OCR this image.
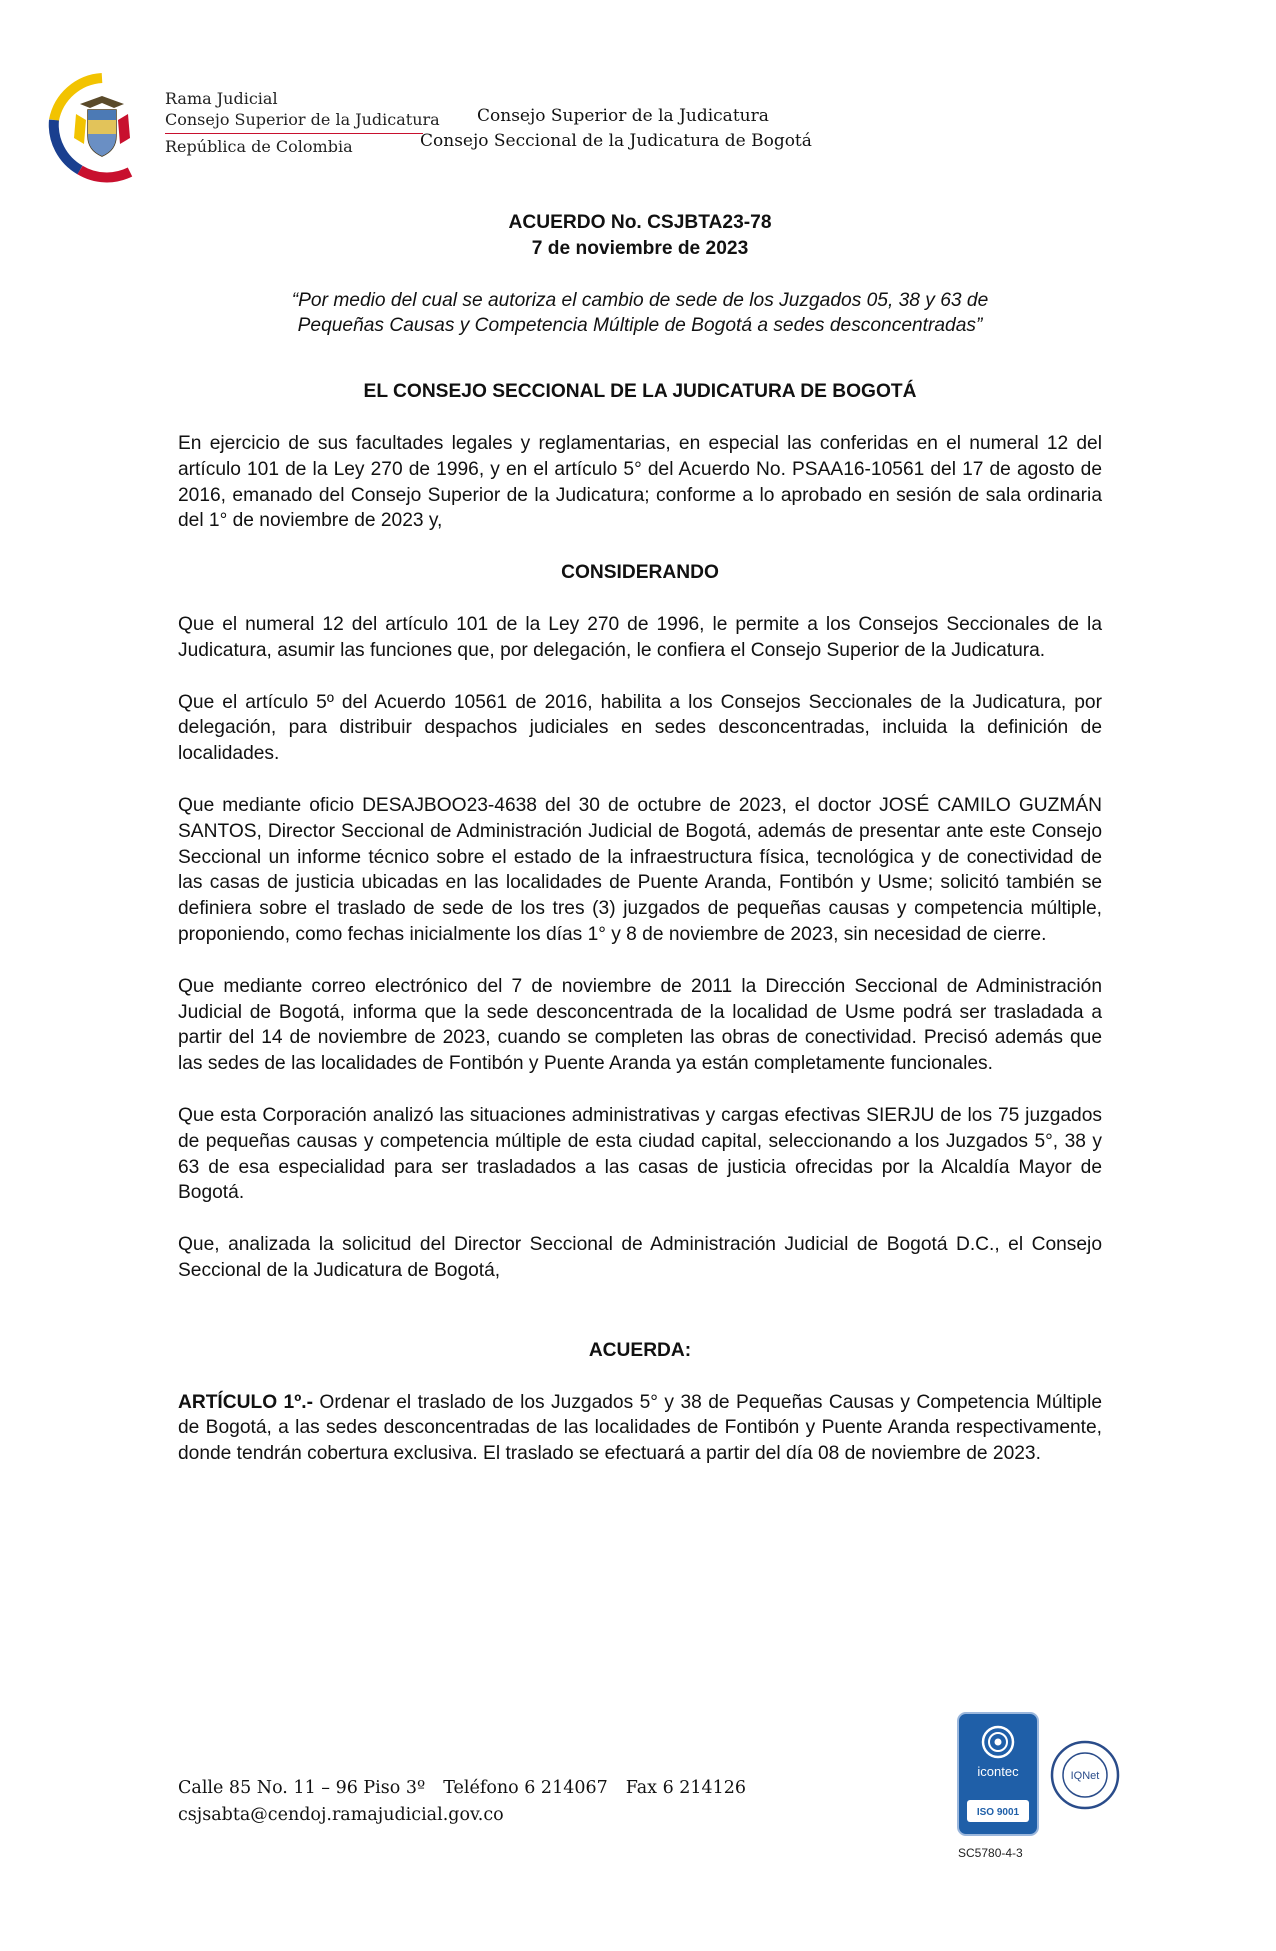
Rama Judicial
Consejo Superior de la Judicatura
República de Colombia
Consejo Superior de la Judicatura
Consejo Seccional de la Judicatura de Bogotá
ACUERDO No. CSJBTA23-78
7 de noviembre de 2023
“Por medio del cual se autoriza el cambio de sede de los Juzgados 05, 38 y 63 de
Pequeñas Causas y Competencia Múltiple de Bogotá a sedes desconcentradas”
EL CONSEJO SECCIONAL DE LA JUDICATURA DE BOGOTÁ

En ejercicio de sus facultades legales y reglamentarias, en especial las conferidas en el numeral 12 del artículo 101 de la Ley 270 de 1996, y en el artículo 5° del Acuerdo No. PSAA16-10561 del 17 de agosto de 2016, emanado del Consejo Superior de la Judicatura; conforme a lo aprobado en sesión de sala ordinaria del 1° de noviembre de 2023 y,

CONSIDERANDO

Que el numeral 12 del artículo 101 de la Ley 270 de 1996, le permite a los Consejos Seccionales de la Judicatura, asumir las funciones que, por delegación, le confiera el Consejo Superior de la Judicatura.

Que el artículo 5º del Acuerdo 10561 de 2016, habilita a los Consejos Seccionales de la Judicatura, por delegación, para distribuir despachos judiciales en sedes desconcentradas, incluida la definición de localidades.

Que mediante oficio DESAJBOO23-4638 del 30 de octubre de 2023, el doctor JOSÉ CAMILO GUZMÁN SANTOS, Director Seccional de Administración Judicial de Bogotá, además de presentar ante este Consejo Seccional un informe técnico sobre el estado de la infraestructura física, tecnológica y de conectividad de las casas de justicia ubicadas en las localidades de Puente Aranda, Fontibón y Usme; solicitó también se definiera sobre el traslado de sede de los tres (3) juzgados de pequeñas causas y competencia múltiple, proponiendo, como fechas inicialmente los días 1° y 8 de noviembre de 2023, sin necesidad de cierre.

Que mediante correo electrónico del 7 de noviembre de 2011 la Dirección Seccional de Administración Judicial de Bogotá, informa que la sede desconcentrada de la localidad de Usme podrá ser trasladada a partir del 14 de noviembre de 2023, cuando se completen las obras de conectividad. Precisó además que las sedes de las localidades de Fontibón y Puente Aranda ya están completamente funcionales.

Que esta Corporación analizó las situaciones administrativas y cargas efectivas SIERJU de los 75 juzgados de pequeñas causas y competencia múltiple de esta ciudad capital, seleccionando a los Juzgados 5°, 38 y 63 de esa especialidad para ser trasladados a las casas de justicia ofrecidas por la Alcaldía Mayor de Bogotá.

Que, analizada la solicitud del Director Seccional de Administración Judicial de Bogotá D.C., el Consejo Seccional de la Judicatura de Bogotá,

ACUERDA:

ARTÍCULO 1º.- Ordenar el traslado de los Juzgados 5° y 38 de Pequeñas Causas y Competencia Múltiple de Bogotá, a las sedes desconcentradas de las localidades de Fontibón y Puente Aranda respectivamente, donde tendrán cobertura exclusiva. El traslado se efectuará a partir del día 08 de noviembre de 2023.

Calle 85 No. 11 – 96 Piso 3º Teléfono 6 214067 Fax 6 214126
csjsabta@cendoj.ramajudicial.gov.co
icontec
ISO 9001
IQNet
SC5780-4-3
